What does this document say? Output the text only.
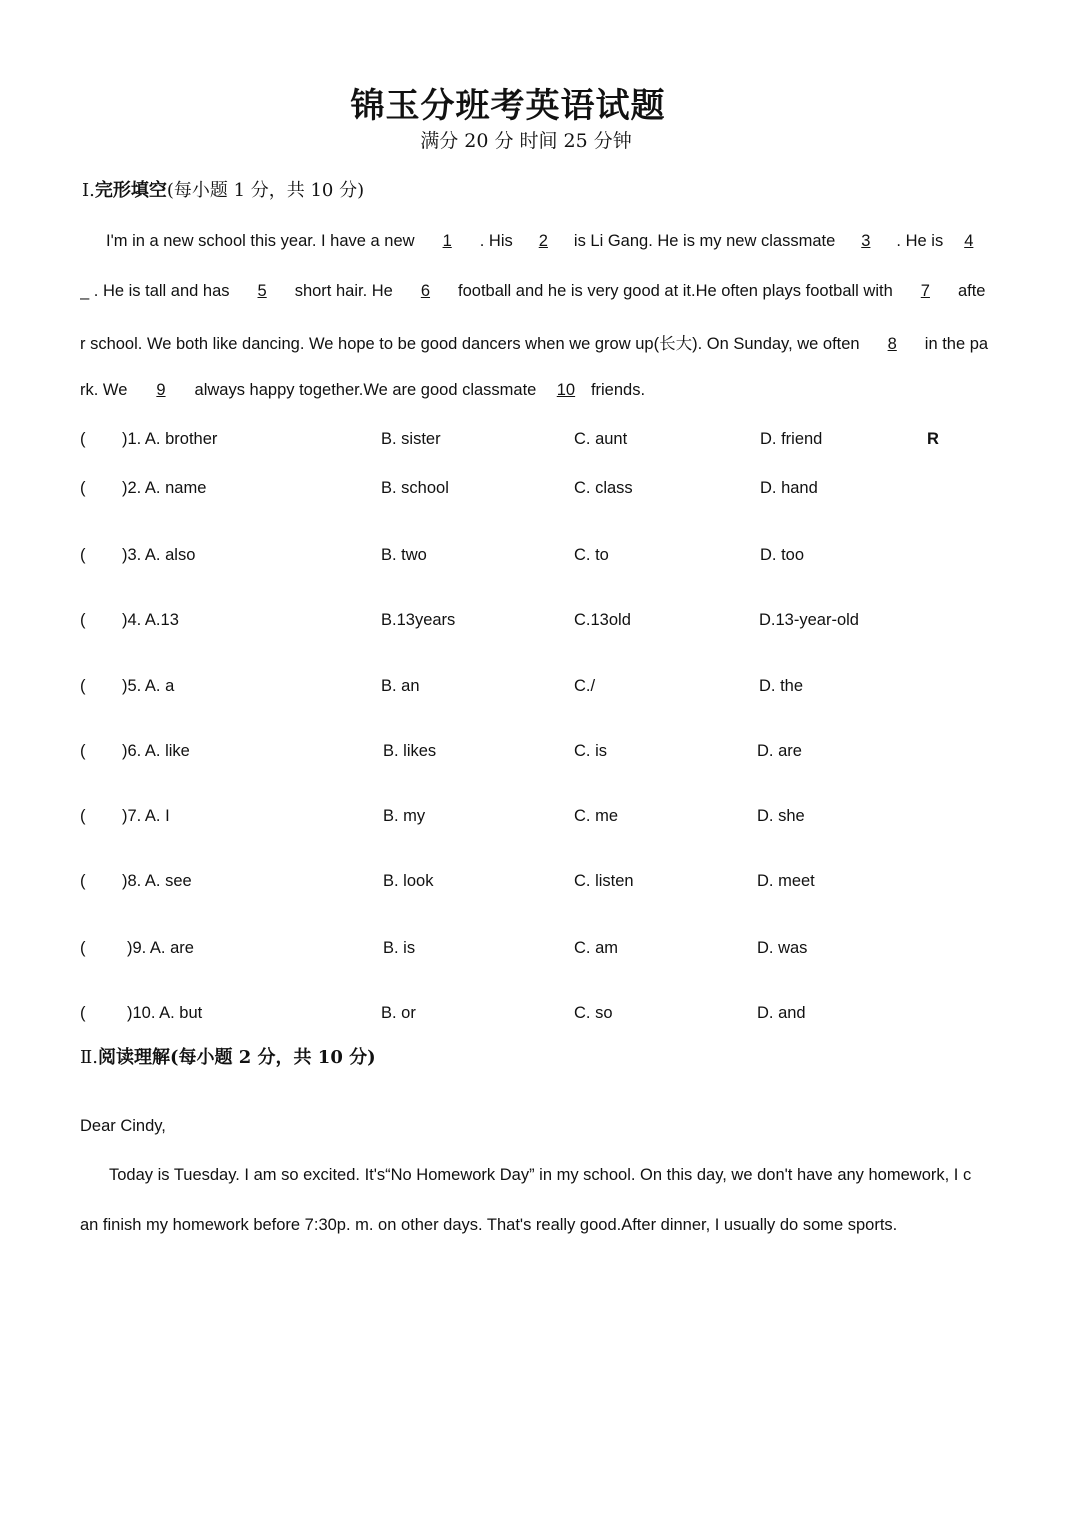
锦玉分班考英语试题
满分 20 分 时间 25 分钟
Ⅰ.完形填空(每小题 1 分，共 10 分)
I'm in a new school this year. I have a new 1 . His 2 is Li Gang. He is my new classmate 3 . He is 4
_ . He is tall and has 5 short hair. He 6 football and he is very good at it.He often plays football with 7 afte
r school. We both like dancing. We hope to be good dancers when we grow up(长大). On Sunday, we often 8 in the pa
rk. We 9 always happy together.We are good classmate 10 friends.
( )1. A. brother	B. sister	C. aunt	D. friend	R
( )2. A. name	B. school	C. class	D. hand
( )3. A. also	B. two	C. to	D. too
( )4. A.13	B.13years	C.13old	D.13-year-old
( )5. A. a	B. an	C./	D. the
( )6. A. like	B. likes	C. is	D. are
( )7. A. I	B. my	C. me	D. she
( )8. A. see	B. look	C. listen	D. meet
(	)9. A. are	B. is	C. am	D. was
(	)10. A. but	B. or	C. so	D. and
Ⅱ.阅读理解(每小题 2 分，共 10 分)
Dear Cindy,
Today is Tuesday. I am so excited. It's“No Homework Day” in my school. On this day, we don't have any homework, I c
an finish my homework before 7:30p. m. on other days. That's really good.After dinner, I usually do some sports.
